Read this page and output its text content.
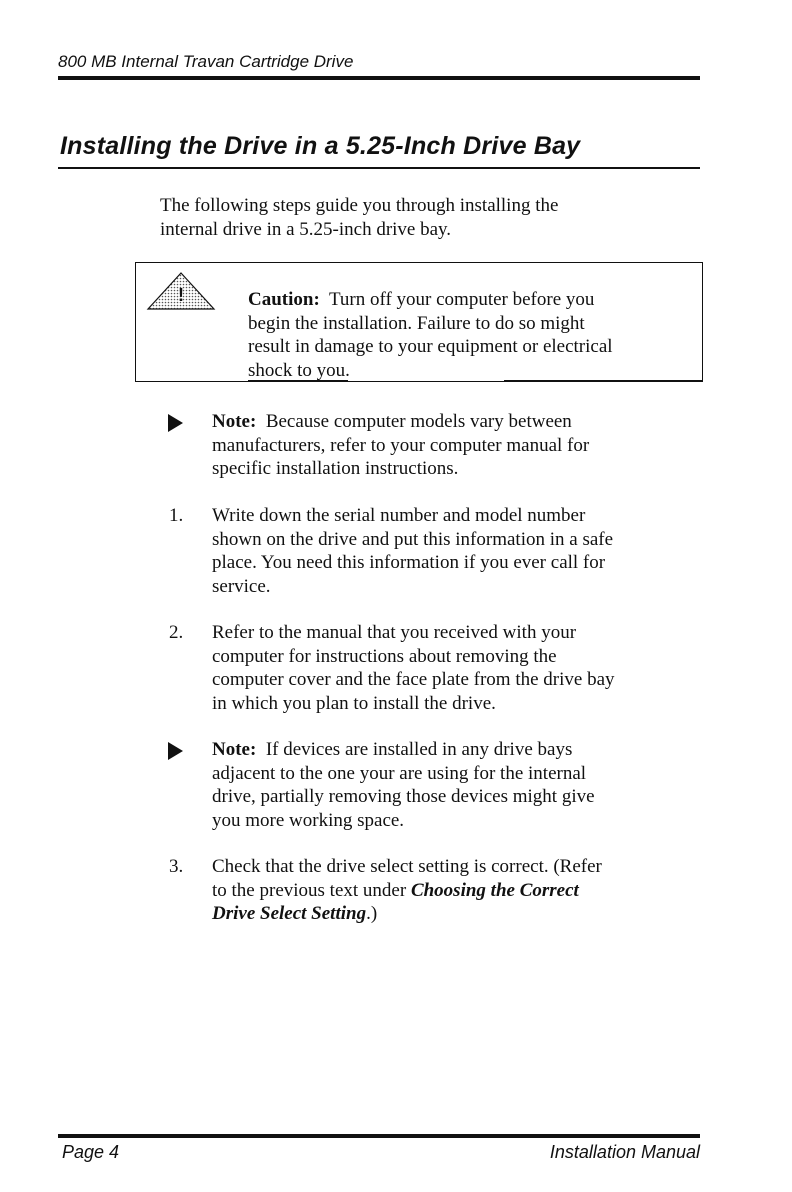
800 MB Internal Travan Cartridge Drive
Installing the Drive in a 5.25-Inch Drive Bay
The following steps guide you through installing the
internal drive in a 5.25-inch drive bay.
!	Caution: Turn off your computer before you
begin the installation. Failure to do so might
result in damage to your equipment or electrical
shock to you.
Note: Because computer models vary between
manufacturers, refer to your computer manual for
specific installation instructions.
1.	Write down the serial number and model number
shown on the drive and put this information in a safe
place. You need this information if you ever call for
service.
2.	Refer to the manual that you received with your
computer for instructions about removing the
computer cover and the face plate from the drive bay
in which you plan to install the drive.
Note: If devices are installed in any drive bays
adjacent to the one your are using for the internal
drive, partially removing those devices might give
you more working space.
3.	Check that the drive select setting is correct. (Refer
to the previous text under Choosing the Correct
Drive Select Setting.)
Page 4	Installation Manual
